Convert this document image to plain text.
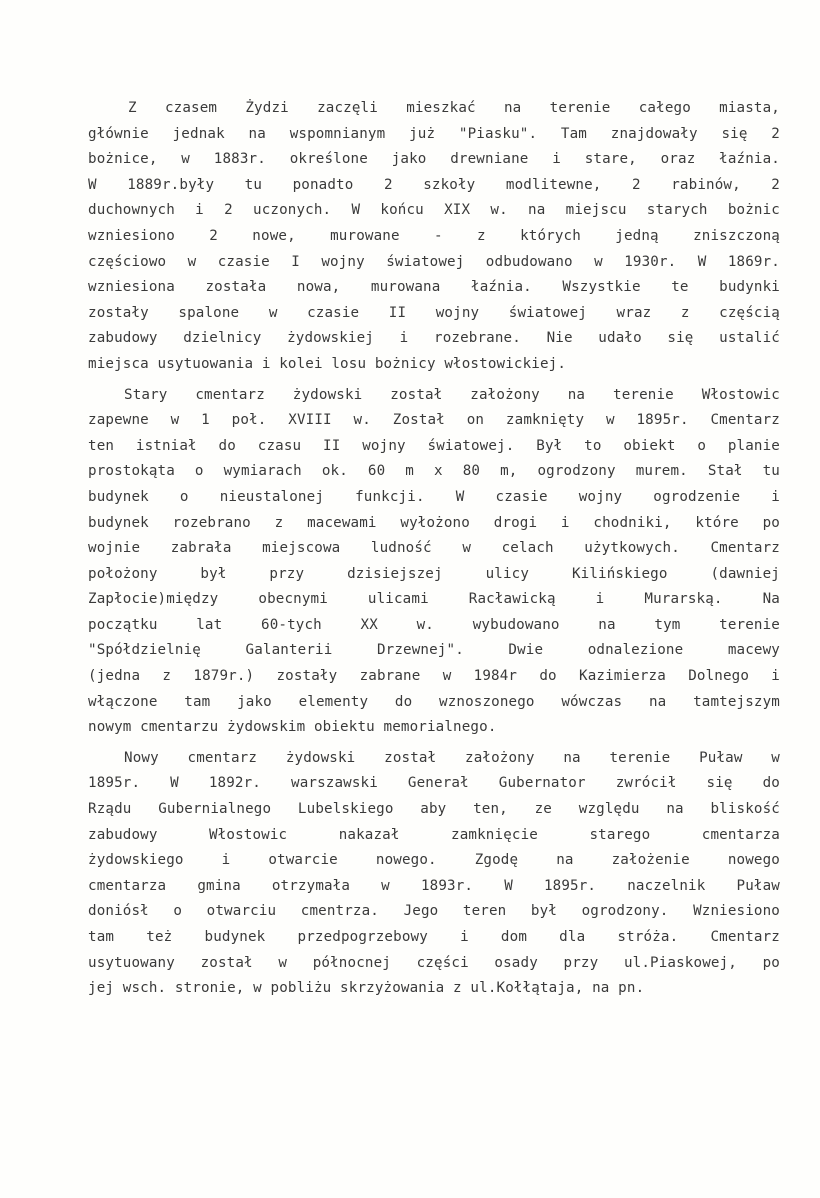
Z czasem Żydzi zaczęli mieszkać na terenie całego miasta,
głównie jednak na wspomnianym już "Piasku". Tam znajdowały się 2
bożnice, w 1883r. określone jako drewniane i stare, oraz łaźnia.
W 1889r.były tu ponadto 2 szkoły modlitewne, 2 rabinów, 2
duchownych i 2 uczonych. W końcu XIX w. na miejscu starych bożnic
wzniesiono 2 nowe, murowane - z których jedną zniszczoną
częściowo w czasie I wojny światowej odbudowano w 1930r. W 1869r.
wzniesiona została nowa, murowana łaźnia. Wszystkie te budynki
zostały spalone w czasie II wojny światowej wraz z częścią
zabudowy dzielnicy żydowskiej i rozebrane. Nie udało się ustalić
miejsca usytuowania i kolei losu bożnicy włostowickiej.
Stary cmentarz żydowski został założony na terenie Włostowic
zapewne w 1 poł. XVIII w. Został on zamknięty w 1895r. Cmentarz
ten istniał do czasu II wojny światowej. Był to obiekt o planie
prostokąta o wymiarach ok. 60 m x 80 m, ogrodzony murem. Stał tu
budynek o nieustalonej funkcji. W czasie wojny ogrodzenie i
budynek rozebrano z macewami wyłożono drogi i chodniki, które po
wojnie zabrała miejscowa ludność w celach użytkowych. Cmentarz
położony był przy dzisiejszej ulicy Kilińskiego (dawniej
Zapłocie)między obecnymi ulicami Racławicką i Murarską. Na
początku lat 60-tych XX w. wybudowano na tym terenie
"Spółdzielnię Galanterii Drzewnej". Dwie odnalezione macewy
(jedna z 1879r.) zostały zabrane w 1984r do Kazimierza Dolnego i
włączone tam jako elementy do wznoszonego wówczas na tamtejszym
nowym cmentarzu żydowskim obiektu memorialnego.
Nowy cmentarz żydowski został założony na terenie Puław w
1895r. W 1892r. warszawski Generał Gubernator zwrócił się do
Rządu Gubernialnego Lubelskiego aby ten, ze względu na bliskość
zabudowy Włostowic nakazał zamknięcie starego cmentarza
żydowskiego i otwarcie nowego. Zgodę na założenie nowego
cmentarza gmina otrzymała w 1893r. W 1895r. naczelnik Puław
doniósł o otwarciu cmentrza. Jego teren był ogrodzony. Wzniesiono
tam też budynek przedpogrzebowy i dom dla stróża. Cmentarz
usytuowany został w północnej części osady przy ul.Piaskowej, po
jej wsch. stronie, w pobliżu skrzyżowania z ul.Kołłątaja, na pn.
